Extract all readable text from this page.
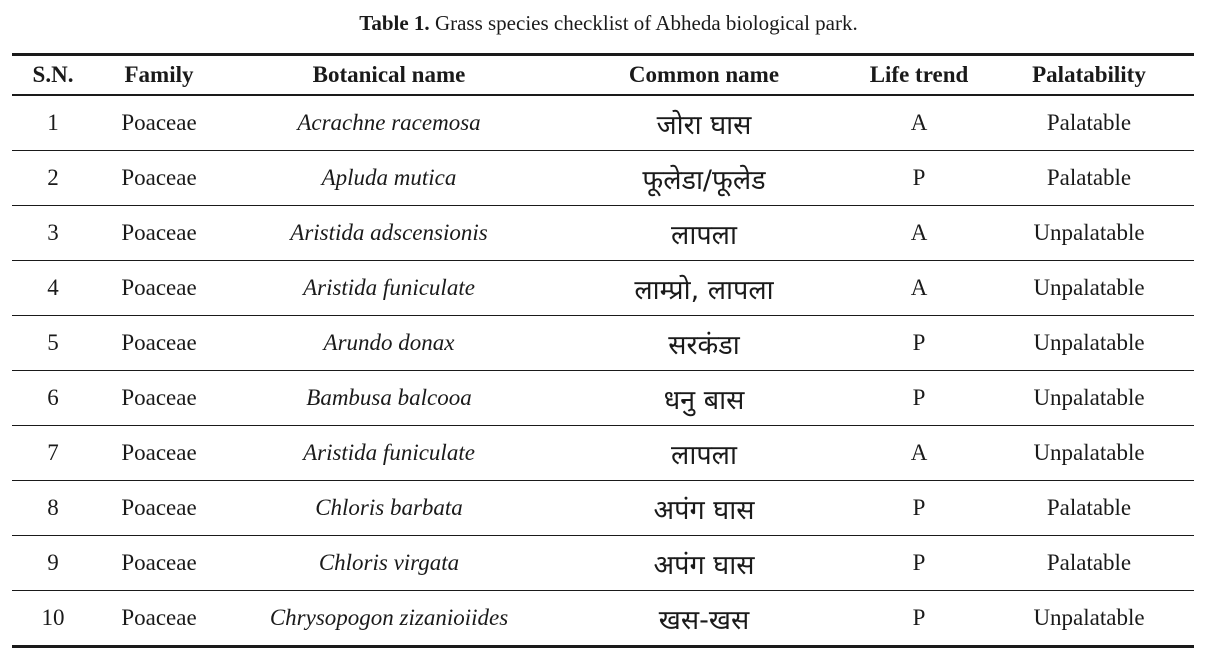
Table 1. Grass species checklist of Abheda biological park.
S.N.	Family	Botanical name	Common name	Life trend	Palatability
1	Poaceae	Acrachne racemosa	जोरा घास	A	Palatable
2	Poaceae	Apluda mutica	फूलेडा/फूलेड	P	Palatable
3	Poaceae	Aristida adscensionis	लापला	A	Unpalatable
4	Poaceae	Aristida funiculate	लाम्प्रो, लापला	A	Unpalatable
5	Poaceae	Arundo donax	सरकंडा	P	Unpalatable
6	Poaceae	Bambusa balcooa	धनु बास	P	Unpalatable
7	Poaceae	Aristida funiculate	लापला	A	Unpalatable
8	Poaceae	Chloris barbata	अपंग घास	P	Palatable
9	Poaceae	Chloris virgata	अपंग घास	P	Palatable
10	Poaceae	Chrysopogon zizanioiides	खस-खस	P	Unpalatable
